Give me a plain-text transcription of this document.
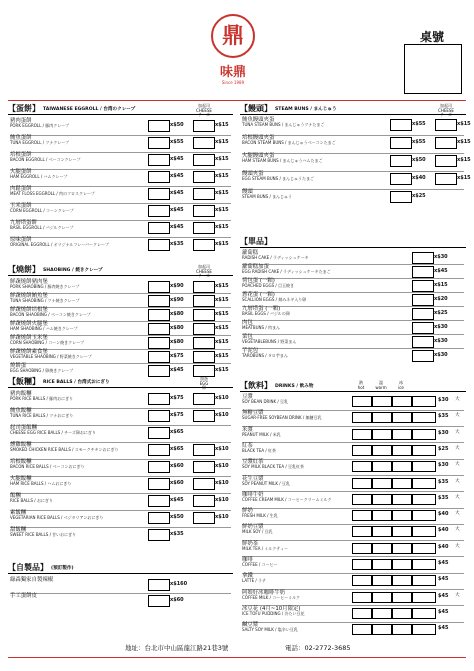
鼎
味鼎
Since 1989
桌號
【蛋餅】 TAIWANESE EGGROLL / 台湾のクレープ
加起司
CHEESE
チーズ
豬肉蛋餅
PORK EGGROLL / 豚肉クレープ	x$50	x$15
鮪魚蛋餅
TUNA EGGROLL / ツナクレープ	x$55	x$15
培根蛋餅
BACON EGGROLL / ベーコンクレープ	x$45	x$15
火腿蛋餅
HAM EGGROLL / ハムクレープ	x$45	x$15
肉鬆蛋餅
MEAT FLOSS EGGROLL / 肉のフロスクレープ	x$45	x$15
玉米蛋餅
CORN EGGROLL / コーンクレープ	x$45	x$15
九層塔蛋餅
BASIL EGGROLL / バジルクレープ	x$45	x$15
原味蛋餅
ORIGINAL EGGROLL / オリジナルフレーバークレープ	x$35	x$15
【燒餅】 SHAOBING / 焼きクレープ
加起司
CHEESE
チーズ
鮮蔬燒餅豬肉堡
PORK SHAOBING / 豚肉焼きクレープ	x$90	x$15
鮮蔬燒餅鮪魚堡
TUNA SHAOBING / ツナ焼きクレープ	x$90	x$15
鮮蔬燒餅培根堡
BACON SHAOBING / ベーコン焼きクレープ	x$80	x$15
鮮蔬燒餅火腿堡
HAM SHAOBING / ハム焼きクレープ	x$80	x$15
鮮蔬燒餅玉米堡
CORN SHAOBING / コーン焼きクレープ	x$80	x$15
鮮蔬燒餅素食堡
VEGETABLE SHAOBING / 野菜焼きクレープ	x$75	x$15
燒餅蛋
EGG SHAOBING / 卵焼きクレープ	x$45	x$15
【飯糰】 RICE BALLS / 台湾式おにぎり
加蛋
EGG
卵
豬肉飯糰
PORK RICE BALLS / 豚肉おにぎり	x$75	x$10
鮪魚飯糰
TUNA RICE BALLS / ツナおにぎり	x$75	x$10
起司蛋飯糰
CHEESE EGG RICE BALLS / チーズ卵おにぎり	x$65
燻雞飯糰
SMOKED CHICKEN RICE BALLS / スモークチキンおにぎり	x$65	x$10
培根飯糰
BACON RICE BALLS / ベーコンおにぎり	x$60	x$10
火腿飯糰
HAM RICE BALLS / ハムおにぎり	x$60	x$10
飯糰
RICE BALLS / おにぎり	x$45	x$10
素飯糰
VEGETARIAN RICE BALLS / ベジタリアンおにぎり	x$50	x$10
甜飯糰
SWEET RICE BALLS / 甘いおにぎり	x$35
【自製品】 (預訂製作)
綠森獨家自製辣椒
x$160
手工蛋餅皮
x$60
【饅頭】 STEAM BUNS / まんじゅう
加起司
CHEESE
チーズ
鮪魚饅頭夾蛋
TUNA STEAM BUNS / まんじゅうツナたまご	x$55	x$15
培根饅頭夾蛋
BACON STEAM BUNS / まんじゅうベーコンたまご	x$55	x$15
火腿饅頭夾蛋
HAM STEAM BUNS / まんじゅうハムたまご	x$50	x$15
饅頭夾蛋
EGG STEAM BUNS / まんじゅうたまご	x$40	x$15
饅頭
STEAM BUNS / まんじゅう	x$25
【單品】
蘿蔔糕
RADISH CAKE / ラディッシュケーキ	x$30
蘿蔔糕加蛋
EGG RADISH CAKE / ラディッシュケーキたまご	x$45
荷包蛋 (一顆)
POACHED EGGS / 目玉焼き	x$15
蔥花蛋 (一顆)
SCALLION EGGS / 刻みネギ入り卵	x$20
九層塔蛋 (一顆)
BASIL EGGS / バジルの卵	x$25
肉包
MEATBUNS / 肉まん	x$30
菜包
VEGETABLEBUNS / 野菜まん	x$30
芋泥包
TAROBUNS / タロ芋まん	x$30
【飲料】 DRINKS / 飲み物
熱
hot
溫
warm
冰
ice
豆漿
SOY BEAN DRINK / 豆乳	$30 大
無糖豆漿
SUGAR-FREE SOYBEAN DRINK / 無糖豆乳	$35 大
米漿
PEANUT MILK / 米乳	$30 大
紅茶
BLACK TEA / 紅茶	$25 大
豆漿紅茶
SOY MILK BLACK TEA / 豆乳紅茶	$30 大
花生豆漿
SOY PEANUT MILK / 豆乳	$35 大
咖啡牛奶
COFFEE CREAM MILK / コーヒークリームミルク	$35 大
鮮奶
FRESH MILK / 生乳	$40 大
鮮奶豆漿
MILK SOY / 豆乳	$40 大
鮮奶茶
MILK TEA / ミルクティー	$40 大
咖啡
COFFEE / コーヒー	$45
拿鐵
LATTE / ラテ	$45
阿娘好冰咖啡牛奶
COFFEE MILK / コーヒーミルク	$45 大
冰豆花 (4月~10月限定)
ICE TOFU PUDDING / 冷たい豆花	$45
鹹豆漿
SALTY SOY MILK / 塩辛い豆乳	$45
地址：台北市中山區龍江路21巷3號	電話：02-2772-3685
